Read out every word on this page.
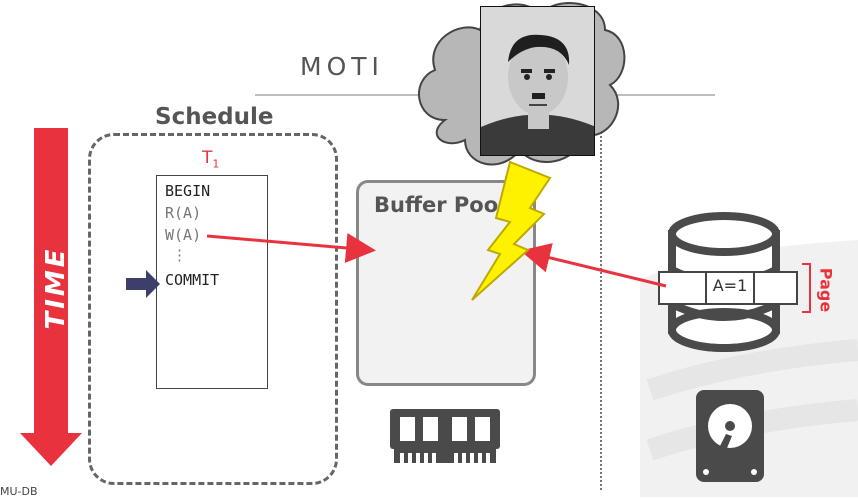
MOTI
TIME
Schedule
$T_1$
BEGIN
R(A)
W(A)
⋮
COMMIT
Buffer Poo
A=1	Page
MU-DB
